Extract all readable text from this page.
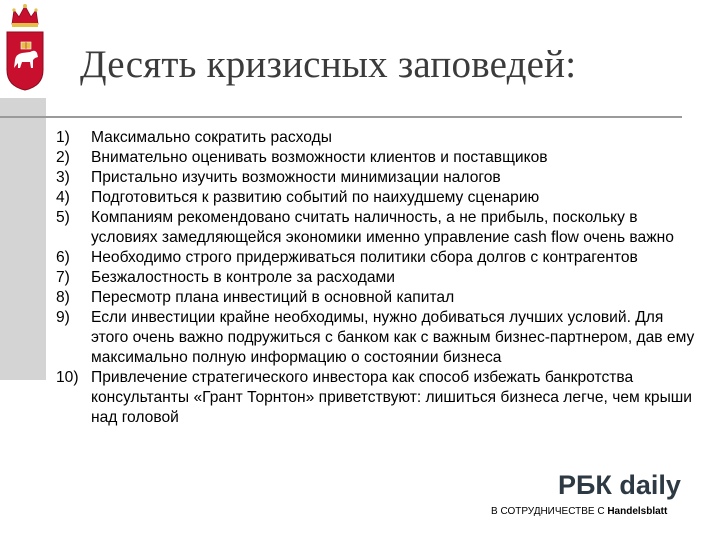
Десять кризисных заповедей:
1) Максимально сократить расходы
2) Внимательно оценивать возможности клиентов и поставщиков
3) Пристально изучить возможности минимизации налогов
4) Подготовиться к развитию событий по наихудшему сценарию
5) Компаниям рекомендовано считать наличность, а не прибыль, поскольку в условиях замедляющейся экономики именно управление cash flow очень важно
6) Необходимо строго придерживаться политики сбора долгов с контрагентов
7) Безжалостность в контроле за расходами
8) Пересмотр плана инвестиций в основной капитал
9) Если инвестиции крайне необходимы, нужно добиваться лучших условий. Для этого очень важно подружиться с банком как с важным бизнес-партнером, дав ему максимально полную информацию о состоянии бизнеса
10) Привлечение стратегического инвестора как способ избежать банкротства консультанты «Грант Торнтон» приветствуют: лишиться бизнеса легче, чем крыши над головой
РБК daily
В СОТРУДНИЧЕСТВЕ С Handelsblatt
